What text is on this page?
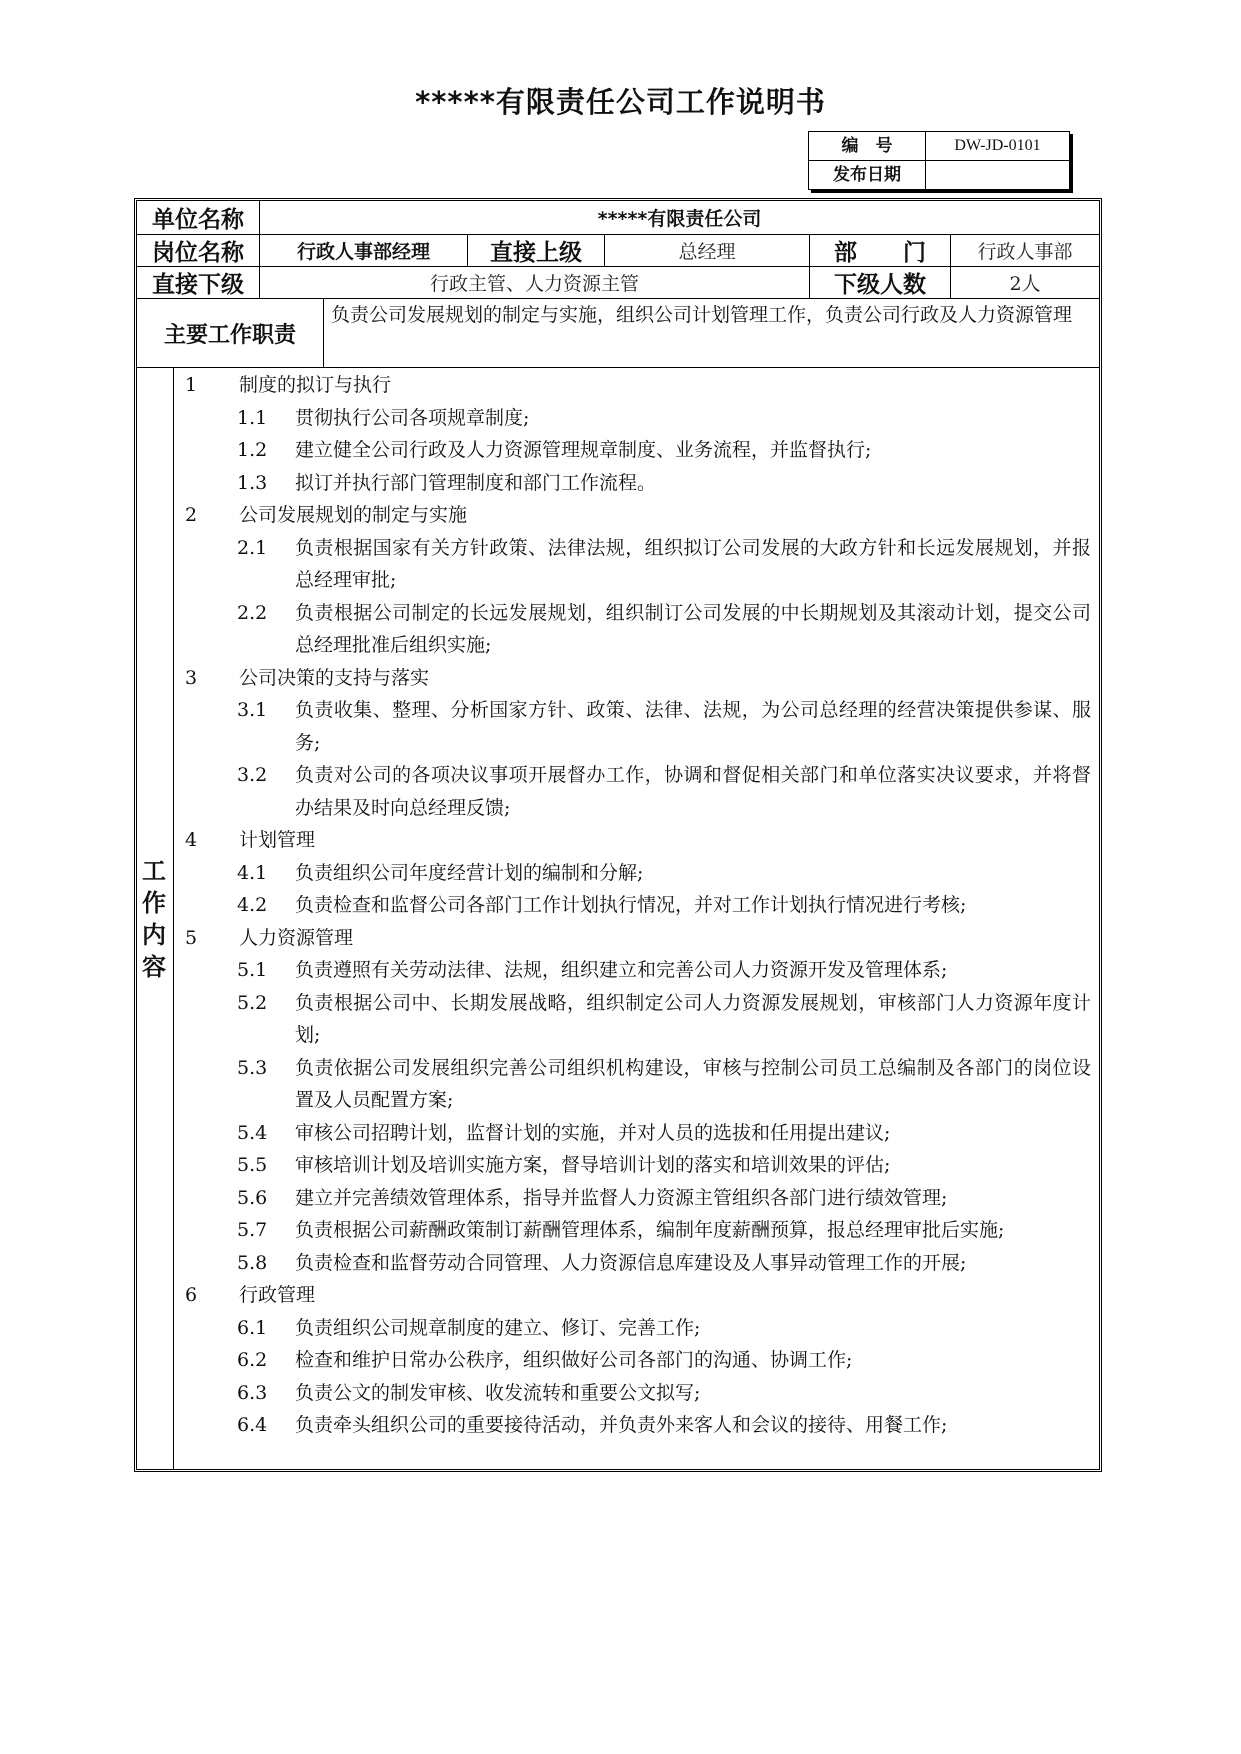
*****有限责任公司工作说明书
编　号	DW-JD-0101
发布日期
单位名称	*****有限责任公司
岗位名称	行政人事部经理	直接上级	总经理	部　　门	行政人事部
直接下级	行政主管、人力资源主管	下级人数	2人
主要工作职责
负责公司发展规划的制定与实施，组织公司计划管理工作，负责公司行政及人力资源管理
工
作
内
容
1 制度的拟订与执行
1.1 贯彻执行公司各项规章制度;
1.2 建立健全公司行政及人力资源管理规章制度、业务流程，并监督执行;
1.3 拟订并执行部门管理制度和部门工作流程。
2 公司发展规划的制定与实施
2.1 负责根据国家有关方针政策、法律法规，组织拟订公司发展的大政方针和长远发展规划，并报总经理审批;
2.2 负责根据公司制定的长远发展规划，组织制订公司发展的中长期规划及其滚动计划，提交公司总经理批准后组织实施;
3 公司决策的支持与落实
3.1 负责收集、整理、分析国家方针、政策、法律、法规，为公司总经理的经营决策提供参谋、服务;
3.2 负责对公司的各项决议事项开展督办工作，协调和督促相关部门和单位落实决议要求，并将督办结果及时向总经理反馈;
4 计划管理
4.1 负责组织公司年度经营计划的编制和分解;
4.2 负责检查和监督公司各部门工作计划执行情况，并对工作计划执行情况进行考核;
5 人力资源管理
5.1 负责遵照有关劳动法律、法规，组织建立和完善公司人力资源开发及管理体系;
5.2 负责根据公司中、长期发展战略，组织制定公司人力资源发展规划，审核部门人力资源年度计划;
5.3 负责依据公司发展组织完善公司组织机构建设，审核与控制公司员工总编制及各部门的岗位设置及人员配置方案;
5.4 审核公司招聘计划，监督计划的实施，并对人员的选拔和任用提出建议;
5.5 审核培训计划及培训实施方案，督导培训计划的落实和培训效果的评估;
5.6 建立并完善绩效管理体系，指导并监督人力资源主管组织各部门进行绩效管理;
5.7 负责根据公司薪酬政策制订薪酬管理体系，编制年度薪酬预算，报总经理审批后实施;
5.8 负责检查和监督劳动合同管理、人力资源信息库建设及人事异动管理工作的开展;
6 行政管理
6.1 负责组织公司规章制度的建立、修订、完善工作;
6.2 检查和维护日常办公秩序，组织做好公司各部门的沟通、协调工作;
6.3 负责公文的制发审核、收发流转和重要公文拟写;
6.4 负责牵头组织公司的重要接待活动，并负责外来客人和会议的接待、用餐工作;
